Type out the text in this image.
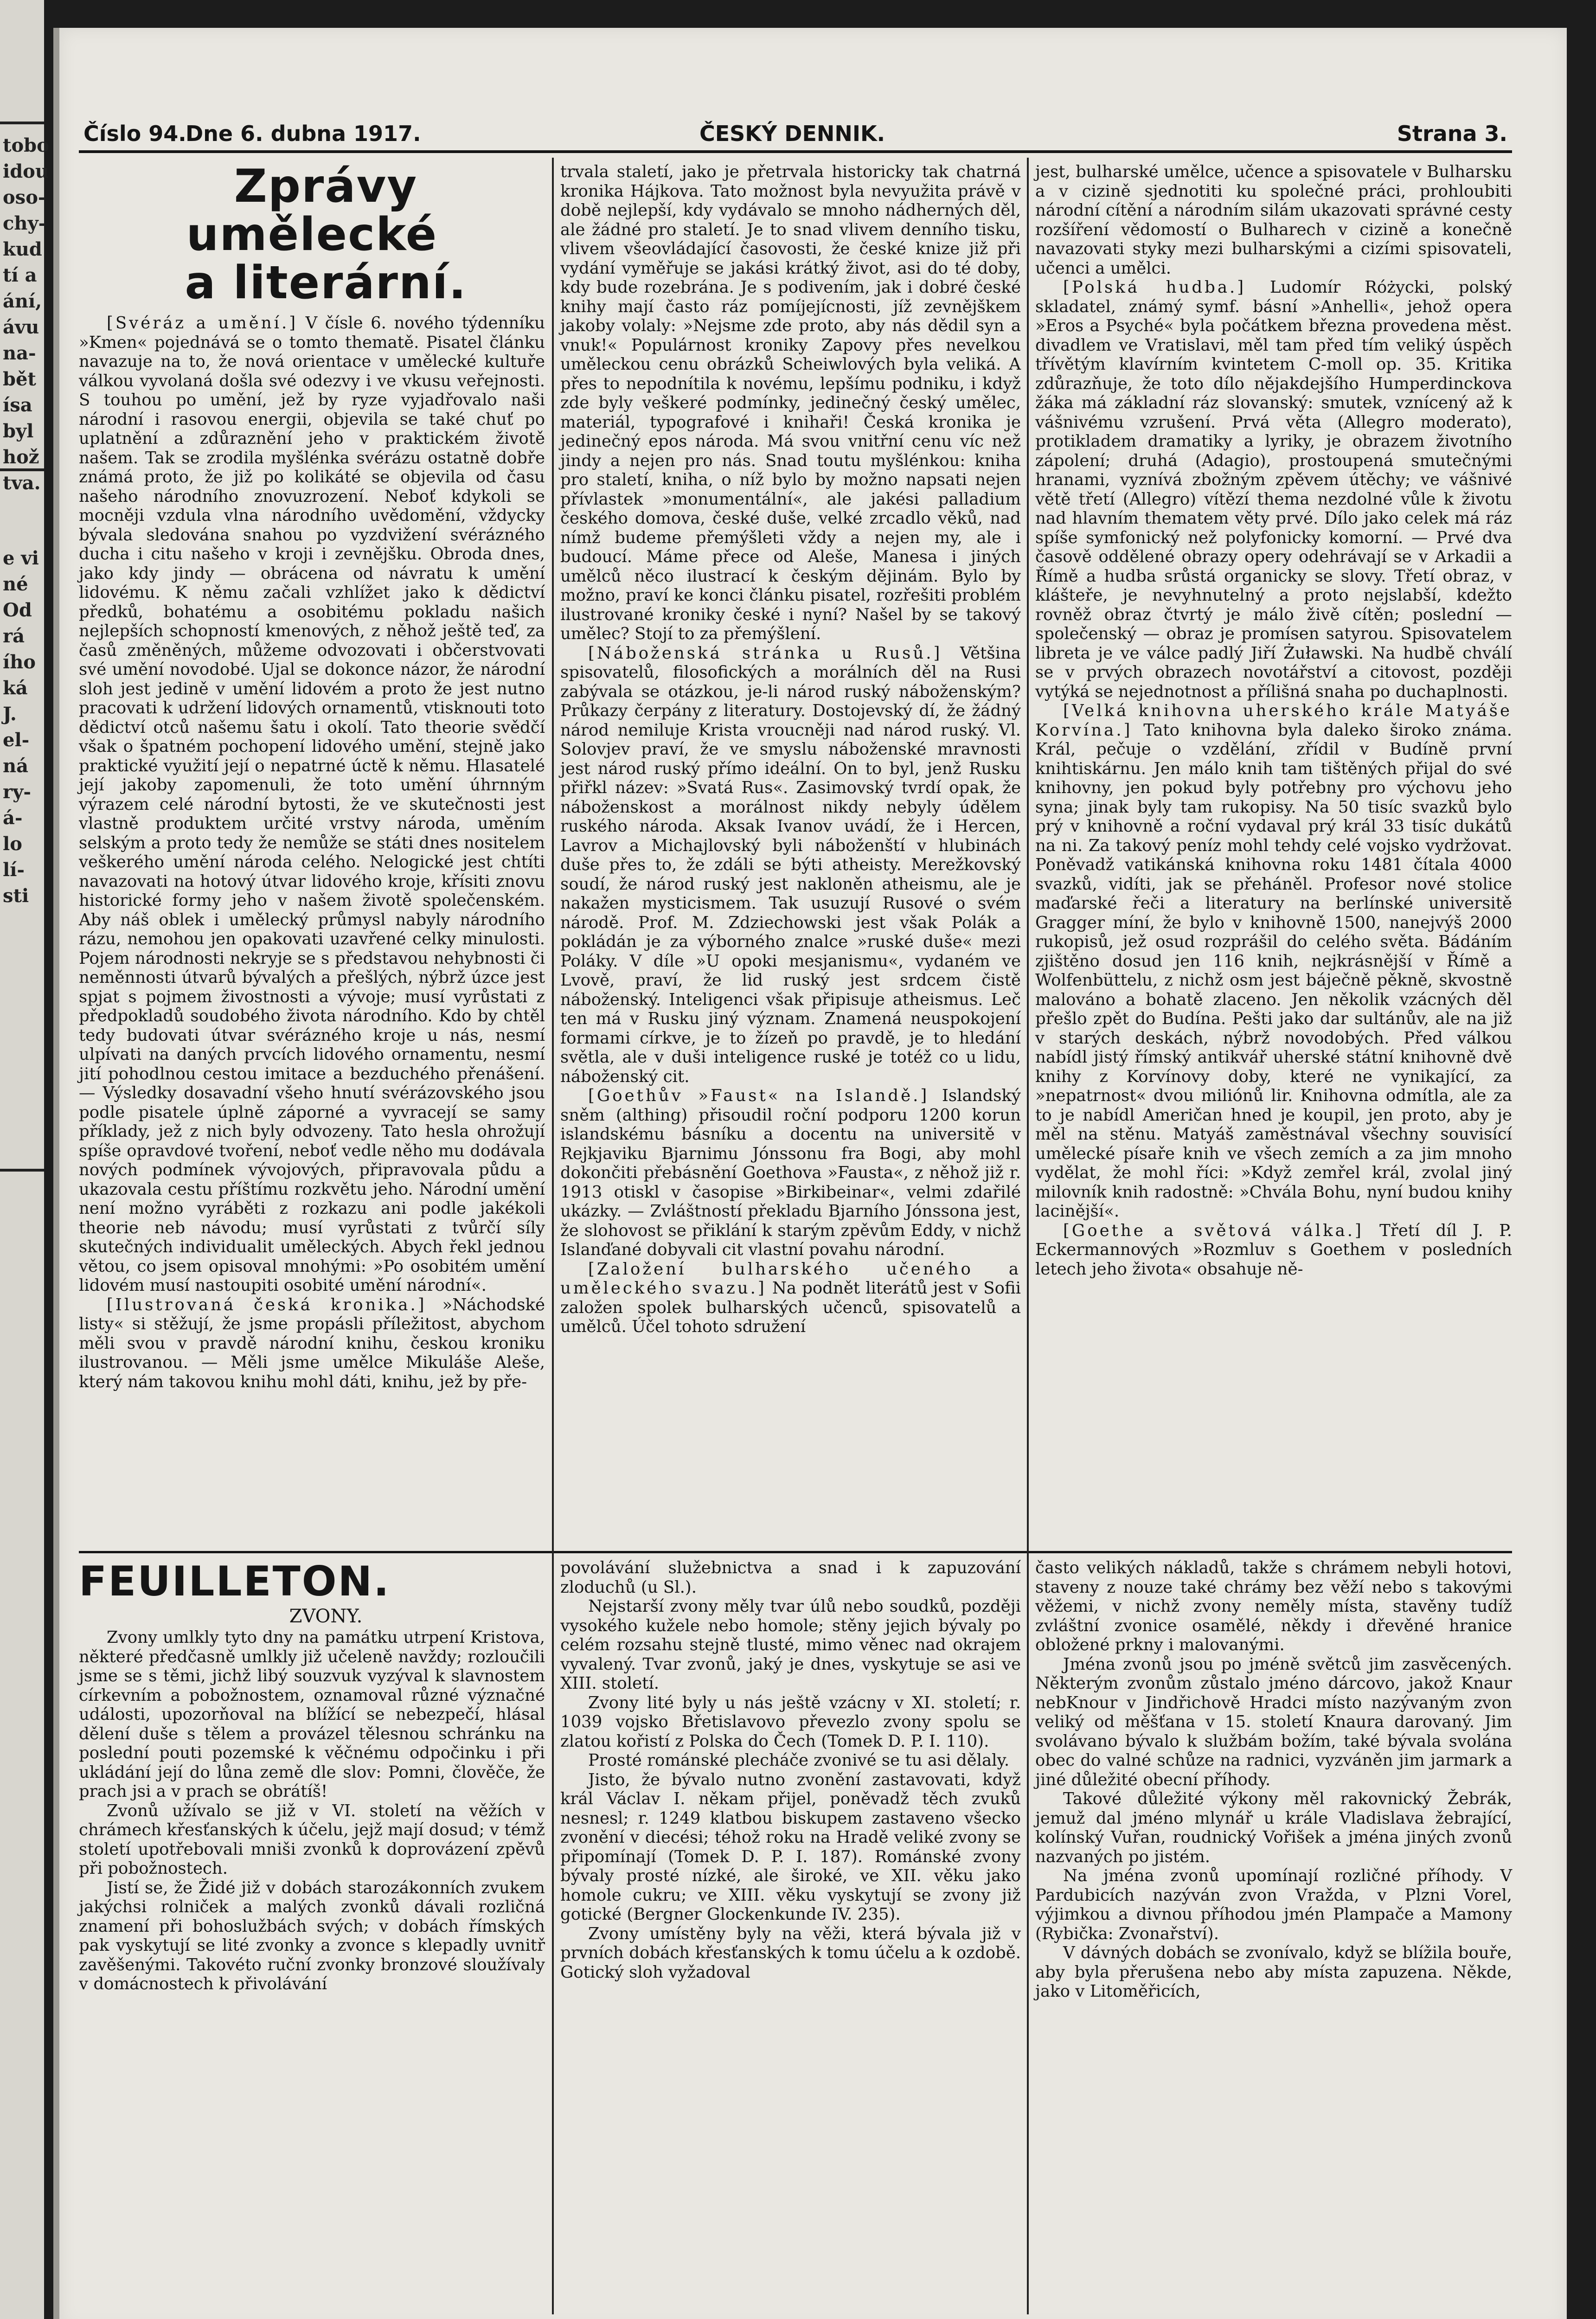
tobo
idou
oso-
chy-
kud
tí a
ání,
ávu
na-
bět
ísa
byl
hož
tva.
e vi
né
Od
rá
ího
ká
J.
el-
ná
ry-
á-
lo
lí-
sti
Číslo 94.
Dne 6. dubna 1917.	ČESKÝ DENNIK.	Strana 3.

Zprávy umělecké

a literární.

[Svéráz a umění.] V čísle 6. nového týdenníku »Kmen« pojednává se o tomto thematě. Pisatel článku navazuje na to, že nová orientace v umělecké kultuře válkou vyvolaná došla své odezvy i ve vkusu veřejnosti. S touhou po umění, jež by ryze vyjadřovalo naši národní i rasovou energii, objevila se také chuť po uplatnění a zdůraznění jeho v praktickém životě našem. Tak se zrodila myšlénka svérázu ostatně dobře známá proto, že již po kolikáté se objevila od času našeho národního znovuzrození. Neboť kdykoli se mocněji vzdula vlna národního uvědomění, vždycky bývala sledována snahou po vyzdvižení svérázného ducha i citu našeho v kroji i zevnějšku. Obroda dnes, jako kdy jindy — obrácena od návratu k umění lidovému. K němu začali vzhlížet jako k dědictví předků, bohatému a osobitému pokladu našich nejlepších schopností kmenových, z něhož ještě teď, za časů změněných, můžeme odvozovati i občerstvovati své umění novodobé. Ujal se dokonce názor, že národní sloh jest jedině v umění lidovém a proto že jest nutno pracovati k udržení lidových ornamentů, vtisknouti toto dědictví otců našemu šatu i okolí. Tato theorie svědčí však o špatném pochopení lidového umění, stejně jako praktické využití její o nepatrné úctě k němu. Hlasatelé její jakoby zapomenuli, že toto umění úhrnným výrazem celé národní bytosti, že ve skutečnosti jest vlastně produktem určité vrstvy národa, uměním selským a proto tedy že nemůže se státi dnes nositelem veškerého umění národa celého. Nelogické jest chtíti navazovati na hotový útvar lidového kroje, křísiti znovu historické formy jeho v našem životě společenském. Aby náš oblek i umělecký průmysl nabyly národního rázu, nemohou jen opakovati uzavřené celky minulosti. Pojem národnosti nekryje se s představou nehybnosti či neměnnosti útvarů bývalých a přešlých, nýbrž úzce jest spjat s pojmem živostnosti a vývoje; musí vyrůstati z předpokladů soudobého života národního. Kdo by chtěl tedy budovati útvar svérázného kroje u nás, nesmí ulpívati na daných prvcích lidového ornamentu, nesmí jití pohodlnou cestou imitace a bezduchého přenášení. — Výsledky dosavadní všeho hnutí svérázovského jsou podle pisatele úplně záporné a vyvracejí se samy příklady, jež z nich byly odvozeny. Tato hesla ohrožují spíše opravdové tvoření, neboť vedle něho mu dodávala nových podmínek vývojových, připravovala půdu a ukazovala cestu příštímu rozkvětu jeho. Národní umění není možno vyráběti z rozkazu ani podle jakékoli theorie neb návodu; musí vyrůstati z tvůrčí síly skutečných individualit uměleckých. Abych řekl jednou větou, co jsem opisoval mnohými: »Po osobitém umění lidovém musí nastoupiti osobité umění národní«.

[Ilustrovaná česká kronika.] »Náchodské listy« si stěžují, že jsme propásli příležitost, abychom měli svou v pravdě národní knihu, českou kroniku ilustrovanou. — Měli jsme umělce Mikuláše Aleše, který nám takovou knihu mohl dáti, knihu, jež by pře-

trvala staletí, jako je přetrvala historicky tak chatrná kronika Hájkova. Tato možnost byla nevyužita právě v době nejlepší, kdy vydávalo se mnoho nádherných děl, ale žádné pro staletí. Je to snad vlivem denního tisku, vlivem všeovládající časovosti, že české knize již při vydání vyměřuje se jakási krátký život, asi do té doby, kdy bude rozebrána. Je s podivením, jak i dobré české knihy mají často ráz pomíjejícnosti, jíž zevnějškem jakoby volaly: »Nejsme zde proto, aby nás dědil syn a vnuk!« Populárnost kroniky Zapovy přes nevelkou uměleckou cenu obrázků Scheiwlových byla veliká. A přes to nepodnítila k novému, lepšímu podniku, i když zde byly veškeré podmínky, jedinečný český umělec, materiál, typografové i knihaři! Česká kronika je jedinečný epos národa. Má svou vnitřní cenu víc než jindy a nejen pro nás. Snad toutu myšlénkou: kniha pro staletí, kniha, o níž bylo by možno napsati nejen přívlastek »monumentální«, ale jakési palladium českého domova, české duše, velké zrcadlo věků, nad nímž budeme přemýšleti vždy a nejen my, ale i budoucí. Máme přece od Aleše, Manesa i jiných umělců něco ilustrací k českým dějinám. Bylo by možno, praví ke konci článku pisatel, rozřešiti problém ilustrované kroniky české i nyní? Našel by se takový umělec? Stojí to za přemýšlení.

[Náboženská stránka u Rusů.] Většina spisovatelů, filosofických a morálních děl na Rusi zabývala se otázkou, je-li národ ruský náboženským? Průkazy čerpány z literatury. Dostojevský dí, že žádný národ nemiluje Krista vroucněji nad národ ruský. Vl. Solovjev praví, že ve smyslu náboženské mravnosti jest národ ruský přímo ideální. On to byl, jenž Rusku přiřkl název: »Svatá Rus«. Zasimovský tvrdí opak, že náboženskost a morálnost nikdy nebyly údělem ruského národa. Aksak Ivanov uvádí, že i Hercen, Lavrov a Michajlovský byli náboženští v hlubinách duše přes to, že zdáli se býti atheisty. Merežkovský soudí, že národ ruský jest nakloněn atheismu, ale je nakažen mysticismem. Tak usuzují Rusové o svém národě. Prof. M. Zdziechowski jest však Polák a pokládán je za výborného znalce »ruské duše« mezi Poláky. V díle »U opoki mesjanismu«, vydaném ve Lvově, praví, že lid ruský jest srdcem čistě náboženský. Inteligenci však připisuje atheismus. Leč ten má v Rusku jiný význam. Znamená neuspokojení formami církve, je to žízeň po pravdě, je to hledání světla, ale v duši inteligence ruské je totéž co u lidu, náboženský cit.

[Goethův »Faust« na Islandě.] Islandský sněm (althing) přisoudil roční podporu 1200 korun islandskému básníku a docentu na universitě v Rejkjaviku Bjarnimu Jónssonu fra Bogi, aby mohl dokončiti přebásnění Goethova »Fausta«, z něhož již r. 1913 otiskl v časopise »Birkibeinar«, velmi zdařilé ukázky. — Zvláštností překladu Bjarního Jónssona jest, že slohovost se přiklání k starým zpěvům Eddy, v nichž Islanďané dobyvali cit vlastní povahu národní.

[Založení bulharského učeného a uměleckého svazu.] Na podnět literátů jest v Sofii založen spolek bulharských učenců, spisovatelů a umělců. Účel tohoto sdružení

jest, bulharské umělce, učence a spisovatele v Bulharsku a v cizině sjednotiti ku společné práci, prohloubiti národní cítění a národním silám ukazovati správné cesty rozšíření vědomostí o Bulharech v cizině a konečně navazovati styky mezi bulharskými a cizími spisovateli, učenci a umělci.

[Polská hudba.] Ludomír Różycki, polský skladatel, známý symf. básní »Anhelli«, jehož opera »Eros a Psyché« byla počátkem března provedena měst. divadlem ve Vratislavi, měl tam před tím veliký úspěch třívětým klavírním kvintetem C-moll op. 35. Kritika zdůrazňuje, že toto dílo nějakdejšího Humperdinckova žáka má základní ráz slovanský: smutek, vznícený až k vášnivému vzrušení. Prvá věta (Allegro moderato), protikladem dramatiky a lyriky, je obrazem životního zápolení; druhá (Adagio), prostoupená smutečnými hranami, vyznívá zbožným zpěvem útěchy; ve vášnivé větě třetí (Allegro) vítězí thema nezdolné vůle k životu nad hlavním thematem věty prvé. Dílo jako celek má ráz spíše symfonický než polyfonicky komorní. — Prvé dva časově oddělené obrazy opery odehrávají se v Arkadii a Římě a hudba srůstá organicky se slovy. Třetí obraz, v klášteře, je nevyhnutelný a proto nejslabší, kdežto rovněž obraz čtvrtý je málo živě cítěn; poslední — společenský — obraz je promísen satyrou. Spisovatelem libreta je ve válce padlý Jiří Żuławski. Na hudbě chválí se v prvých obrazech novotářství a citovost, později vytýká se nejednotnost a přílišná snaha po duchaplnosti.

[Velká knihovna uherského krále Matyáše Korvína.] Tato knihovna byla daleko široko známa. Král, pečuje o vzdělání, zřídil v Budíně první knihtiskárnu. Jen málo knih tam tištěných přijal do své knihovny, jen pokud byly potřebny pro výchovu jeho syna; jinak byly tam rukopisy. Na 50 tisíc svazků bylo prý v knihovně a roční vydaval prý král 33 tisíc dukátů na ni. Za takový peníz mohl tehdy celé vojsko vydržovat. Poněvadž vatikánská knihovna roku 1481 čítala 4000 svazků, vidíti, jak se přeháněl. Profesor nové stolice maďarské řeči a literatury na berlínské universitě Gragger míní, že bylo v knihovně 1500, nanejvýš 2000 rukopisů, jež osud rozprášil do celého světa. Bádáním zjištěno dosud jen 116 knih, nejkrásnější v Římě a Wolfenbüttelu, z nichž osm jest báječně pěkně, skvostně malováno a bohatě zlaceno. Jen několik vzácných děl přešlo zpět do Budína. Pešti jako dar sultánův, ale na již v starých deskách, nýbrž novodobých. Před válkou nabídl jistý římský antikvář uherské státní knihovně dvě knihy z Korvínovy doby, které ne vynikající, za »nepatrnost« dvou miliónů lir. Knihovna odmítla, ale za to je nabídl Američan hned je koupil, jen proto, aby je měl na stěnu. Matyáš zaměstnával všechny souvisící umělecké písaře knih ve všech zemích a za jim mnoho vydělat, že mohl říci: »Když zemřel král, zvolal jiný milovník knih radostně: »Chvála Bohu, nyní budou knihy lacinější«.

[Goethe a světová válka.] Třetí díl J. P. Eckermannových »Rozmluv s Goethem v posledních letech jeho života« obsahuje ně-

FEUILLETON.

ZVONY.

Zvony umlkly tyto dny na památku utrpení Kristova, některé předčasně umlkly již učeleně navždy; rozloučili jsme se s těmi, jichž libý souzvuk vyzýval k slavnostem církevním a pobožnostem, oznamoval různé význačné události, upozorňoval na blížící se nebezpečí, hlásal dělení duše s tělem a provázel tělesnou schránku na poslední pouti pozemské k věčnému odpočinku i při ukládání její do lůna země dle slov: Pomni, člověče, že prach jsi a v prach se obrátíš!

Zvonů užívalo se již v VI. století na věžích v chrámech křesťanských k účelu, jejž mají dosud; v témž století upotřebovali mniši zvonků k doprovázení zpěvů při pobožnostech.

Jistí se, že Židé již v dobách starozákonních zvukem jakýchsi rolniček a malých zvonků dávali rozličná znamení při bohoslužbách svých; v dobách římských pak vyskytují se lité zvonky a zvonce s klepadly uvnitř zavěšenými. Takovéto ruční zvonky bronzové sloužívaly v domácnostech k přivolávání

povolávání služebnictva a snad i k zapuzování zloduchů (u Sl.).

Nejstarší zvony měly tvar úlů nebo soudků, později vysokého kužele nebo homole; stěny jejich bývaly po celém rozsahu stejně tlusté, mimo věnec nad okrajem vyvalený. Tvar zvonů, jaký je dnes, vyskytuje se asi ve XIII. století.

Zvony lité byly u nás ještě vzácny v XI. století; r. 1039 vojsko Břetislavovo převezlo zvony spolu se zlatou kořistí z Polska do Čech (Tomek D. P. I. 110).

Prosté románské plecháče zvonivé se tu asi dělaly.

Jisto, že bývalo nutno zvonění zastavovati, když král Václav I. někam přijel, poněvadž těch zvuků nesnesl; r. 1249 klatbou biskupem zastaveno všecko zvonění v diecési; téhož roku na Hradě veliké zvony se připomínají (Tomek D. P. I. 187). Románské zvony bývaly prosté nízké, ale široké, ve XII. věku jako homole cukru; ve XIII. věku vyskytují se zvony již gotické (Bergner Glockenkunde IV. 235).

Zvony umístěny byly na věži, která bývala již v prvních dobách křesťanských k tomu účelu a k ozdobě. Gotický sloh vyžadoval

často velikých nákladů, takže s chrámem nebyli hotovi, staveny z nouze také chrámy bez věží nebo s takovými věžemi, v nichž zvony neměly místa, stavěny tudíž zvláštní zvonice osamělé, někdy i dřevěné hranice obložené prkny i malovanými.

Jména zvonů jsou po jméně světců jim zasvěcených. Některým zvonům zůstalo jméno dárcovo, jakož Knaur nebKnour v Jindřichově Hradci místo nazývaným zvon veliký od měšťana v 15. století Knaura darovaný. Jim svolávano bývalo k službám božím, také bývala svolána obec do valné schůze na radnici, vyzváněn jim jarmark a jiné důležité obecní příhody.

Takové důležité výkony měl rakovnický Žebrák, jemuž dal jméno mlynář u krále Vladislava žebrající, kolínský Vuřan, roudnický Vořišek a jména jiných zvonů nazvaných po jistém.

Na jména zvonů upomínají rozličné příhody. V Pardubicích nazýván zvon Vražda, v Plzni Vorel, výjimkou a divnou příhodou jmén Plampače a Mamony (Rybička: Zvonařství).

V dávných dobách se zvonívalo, když se blížila bouře, aby byla přerušena nebo aby místa zapuzena. Někde, jako v Litoměřicích,
